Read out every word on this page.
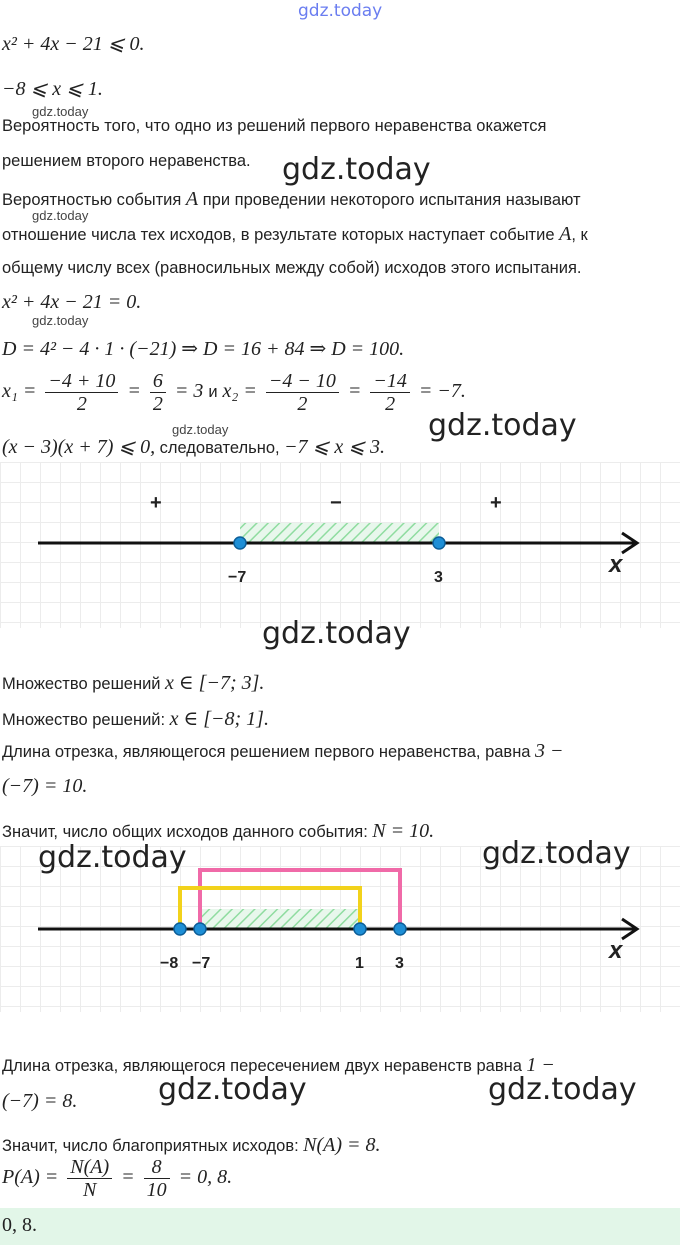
gdz.today
x² + 4x − 21 ⩽ 0.
−8 ⩽ x ⩽ 1.
gdz.today
Вероятность того, что одно из решений первого неравенства окажется
решением второго неравенства. gdz.today
Вероятностью события A при проведении некоторого испытания называют
gdz.today
отношение числа тех исходов, в результате которых наступает событие A, к
общему числу всех (равносильных между собой) исходов этого испытания.
x² + 4x − 21 = 0.
gdz.today
D = 4² − 4 · 1 · (−21) ⇒ D = 16 + 84 ⇒ D = 100.
$x_1 = \frac{-4 + 10}{2} = \frac{6}{2} = 3$ и $x_2 = \frac{-4 - 10}{2} = \frac{-14}{2} = -7$.
gdz.today	gdz.today
(x − 3)(x + 7) ⩽ 0, следовательно, −7 ⩽ x ⩽ 3.
+	−	+
−7	3	x
gdz.today
Множество решений x ∈ [−7; 3].
Множество решений: x ∈ [−8; 1].
Длина отрезка, являющегося решением первого неравенства, равна 3 −
(−7) = 10.
Значит, число общих исходов данного события: N = 10.
−8 −7	1 3	x
gdz.today	gdz.today
Длина отрезка, являющегося пересечением двух неравенств равна 1 −
(−7) = 8.	gdz.today	gdz.today
Значит, число благоприятных исходов: N(A) = 8.
$P(A) = \frac{N(A)}{N} = \frac{8}{10} = 0$, 8.
0, 8.
